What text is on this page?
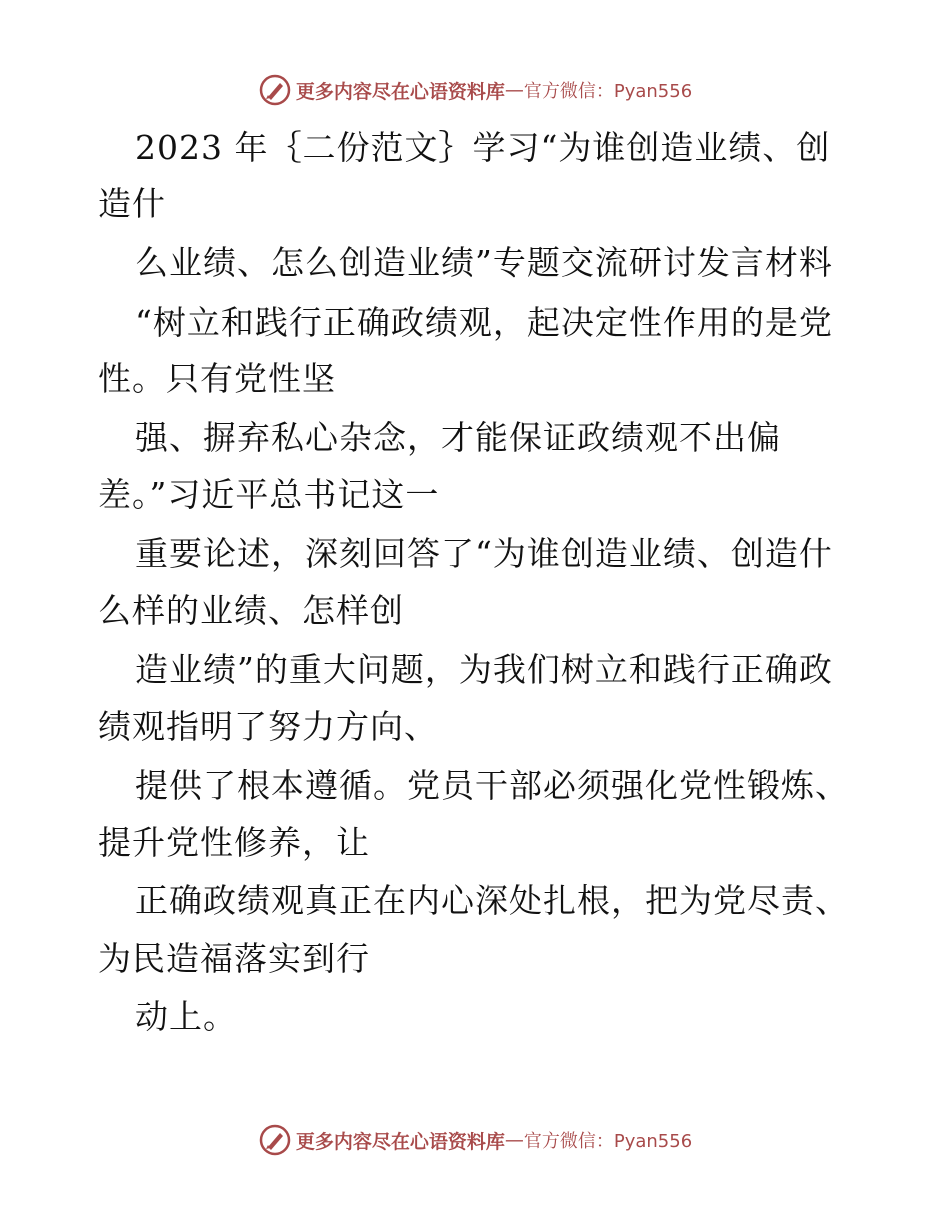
更多内容尽在心语资料库 — 官方微信：Pyan556
2023 年｛二份范文｝学习“为谁创造业绩、创
造什
么业绩、怎么创造业绩”专题交流研讨发言材料
“树立和践行正确政绩观，起决定性作用的是党
性。只有党性坚
强、摒弃私心杂念，才能保证政绩观不出偏
差。”习近平总书记这一
重要论述，深刻回答了“为谁创造业绩、创造什
么样的业绩、怎样创
造业绩”的重大问题，为我们树立和践行正确政
绩观指明了努力方向、
提供了根本遵循。党员干部必须强化党性锻炼、
提升党性修养，让
正确政绩观真正在内心深处扎根，把为党尽责、
为民造福落实到行
动上。
更多内容尽在心语资料库 — 官方微信：Pyan556
